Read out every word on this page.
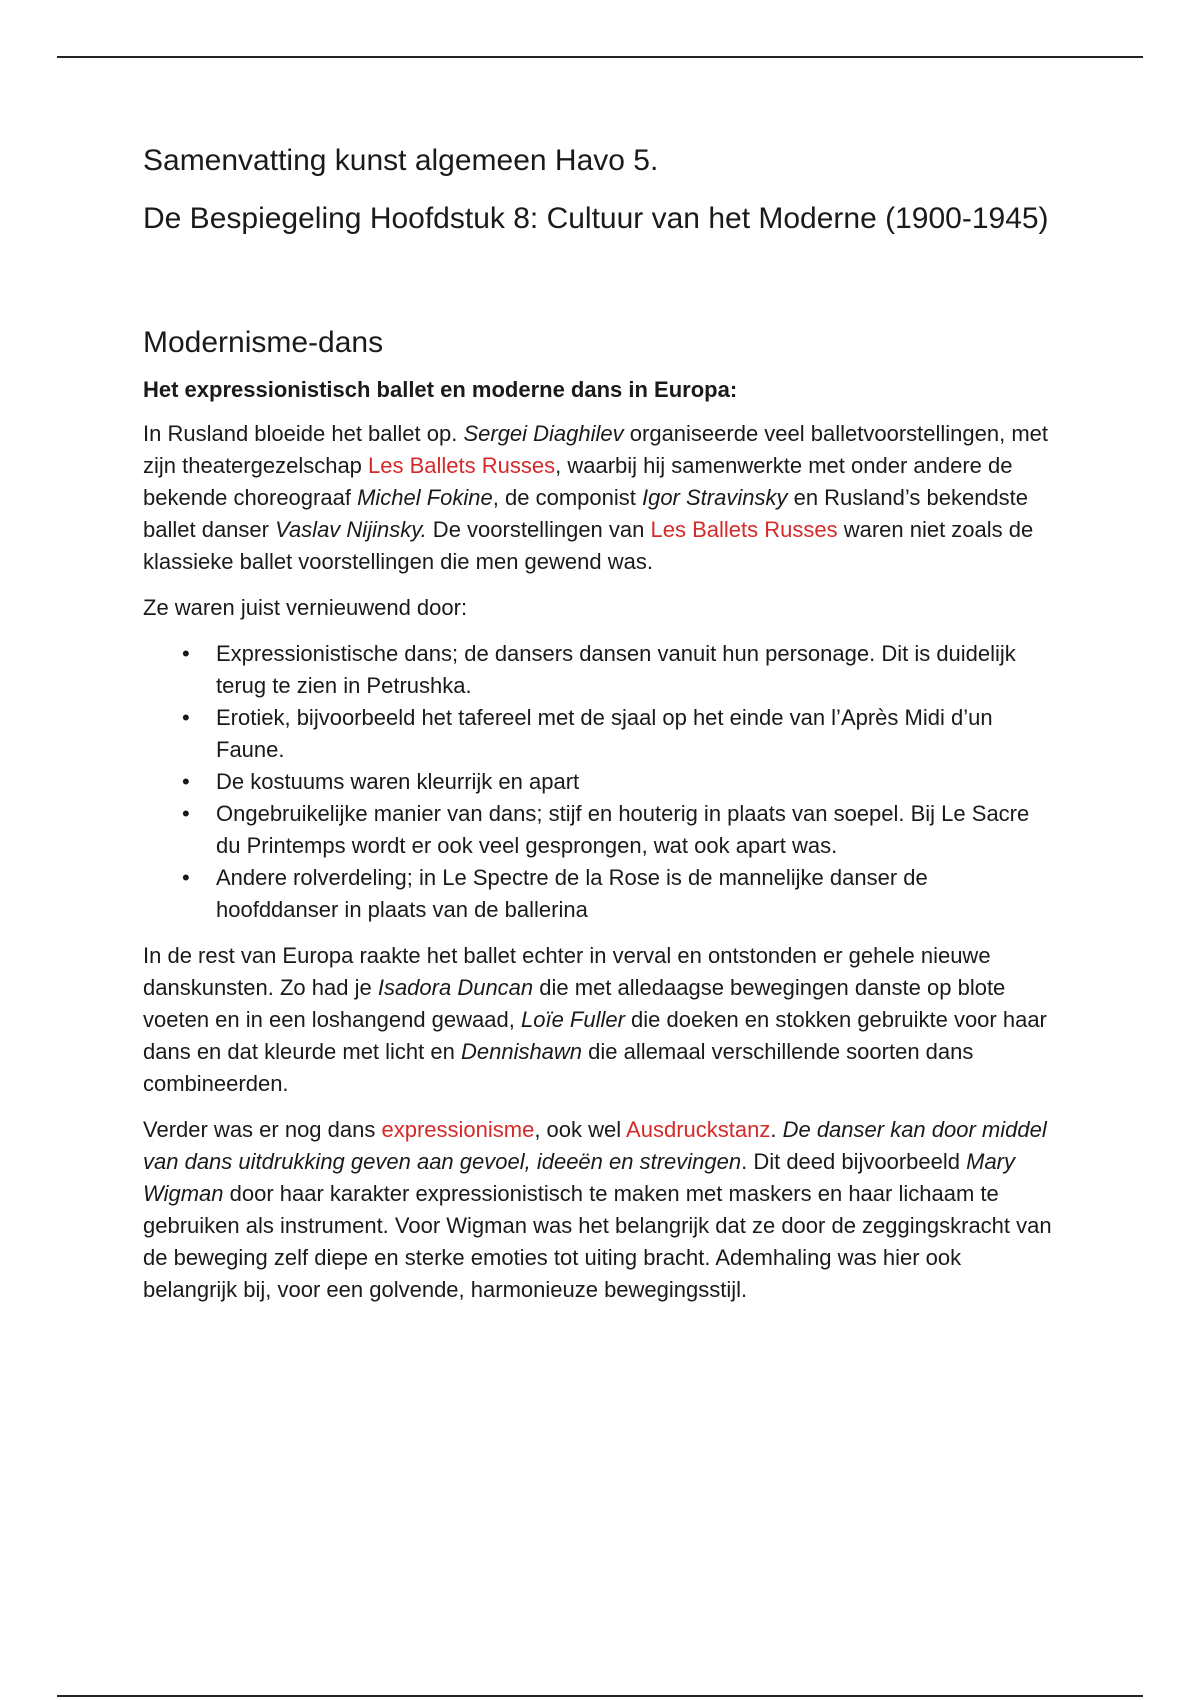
Samenvatting kunst algemeen Havo 5.
De Bespiegeling Hoofdstuk 8: Cultuur van het Moderne (1900-1945)
Modernisme-dans
Het expressionistisch ballet en moderne dans in Europa:

In Rusland bloeide het ballet op. Sergei Diaghilev organiseerde veel balletvoorstellingen, met zijn theatergezelschap Les Ballets Russes, waarbij hij samenwerkte met onder andere de bekende choreograaf Michel Fokine, de componist Igor Stravinsky en Rusland’s bekendste ballet danser Vaslav Nijinsky. De voorstellingen van Les Ballets Russes waren niet zoals de klassieke ballet voorstellingen die men gewend was.

Ze waren juist vernieuwend door:

• Expressionistische dans; de dansers dansen vanuit hun personage. Dit is duidelijk terug te zien in Petrushka.
• Erotiek, bijvoorbeeld het tafereel met de sjaal op het einde van l’Après Midi d’un Faune.
• De kostuums waren kleurrijk en apart
• Ongebruikelijke manier van dans; stijf en houterig in plaats van soepel. Bij Le Sacre du Printemps wordt er ook veel gesprongen, wat ook apart was.
• Andere rolverdeling; in Le Spectre de la Rose is de mannelijke danser de hoofddanser in plaats van de ballerina

In de rest van Europa raakte het ballet echter in verval en ontstonden er gehele nieuwe danskunsten. Zo had je Isadora Duncan die met alledaagse bewegingen danste op blote voeten en in een loshangend gewaad, Loïe Fuller die doeken en stokken gebruikte voor haar dans en dat kleurde met licht en Dennishawn die allemaal verschillende soorten dans combineerden.

Verder was er nog dans expressionisme, ook wel Ausdruckstanz. De danser kan door middel van dans uitdrukking geven aan gevoel, ideeën en strevingen. Dit deed bijvoorbeeld Mary Wigman door haar karakter expressionistisch te maken met maskers en haar lichaam te gebruiken als instrument. Voor Wigman was het belangrijk dat ze door de zeggingskracht van de beweging zelf diepe en sterke emoties tot uiting bracht. Ademhaling was hier ook belangrijk bij, voor een golvende, harmonieuze bewegingsstijl.
